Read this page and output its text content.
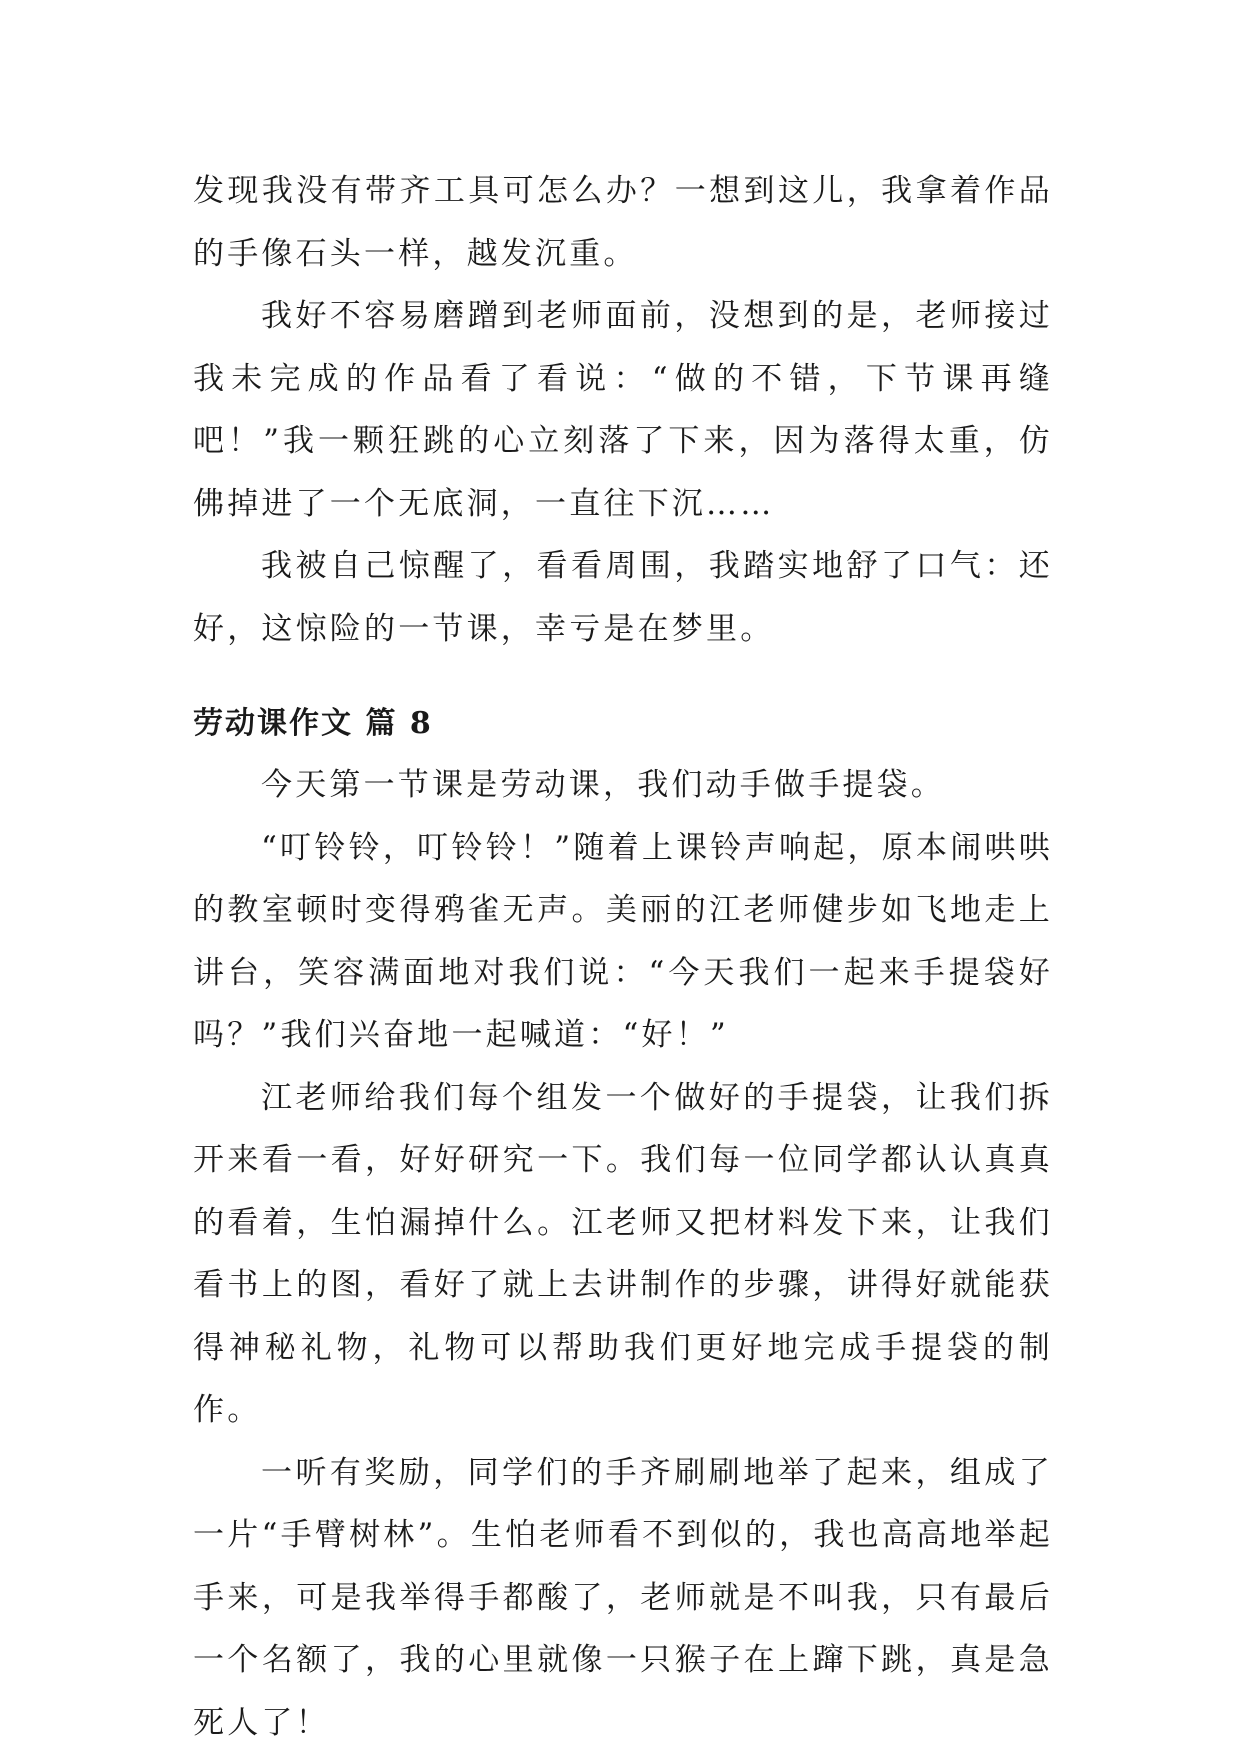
发现我没有带齐工具可怎么办？一想到这儿，我拿着作品的手像石头一样，越发沉重。

我好不容易磨蹭到老师面前，没想到的是，老师接过我未完成的作品看了看说：“做的不错，下节课再缝吧！”我一颗狂跳的心立刻落了下来，因为落得太重，仿佛掉进了一个无底洞，一直往下沉……

我被自己惊醒了，看看周围，我踏实地舒了口气：还好，这惊险的一节课，幸亏是在梦里。

劳动课作文 篇 8

今天第一节课是劳动课，我们动手做手提袋。

“叮铃铃，叮铃铃！”随着上课铃声响起，原本闹哄哄的教室顿时变得鸦雀无声。美丽的江老师健步如飞地走上讲台，笑容满面地对我们说：“今天我们一起来手提袋好吗？”我们兴奋地一起喊道：“好！”

江老师给我们每个组发一个做好的手提袋，让我们拆开来看一看，好好研究一下。我们每一位同学都认认真真的看着，生怕漏掉什么。江老师又把材料发下来，让我们看书上的图，看好了就上去讲制作的步骤，讲得好就能获得神秘礼物，礼物可以帮助我们更好地完成手提袋的制作。

一听有奖励，同学们的手齐刷刷地举了起来，组成了一片“手臂树林”。生怕老师看不到似的，我也高高地举起手来，可是我举得手都酸了，老师就是不叫我，只有最后一个名额了，我的心里就像一只猴子在上蹿下跳，真是急死人了！
